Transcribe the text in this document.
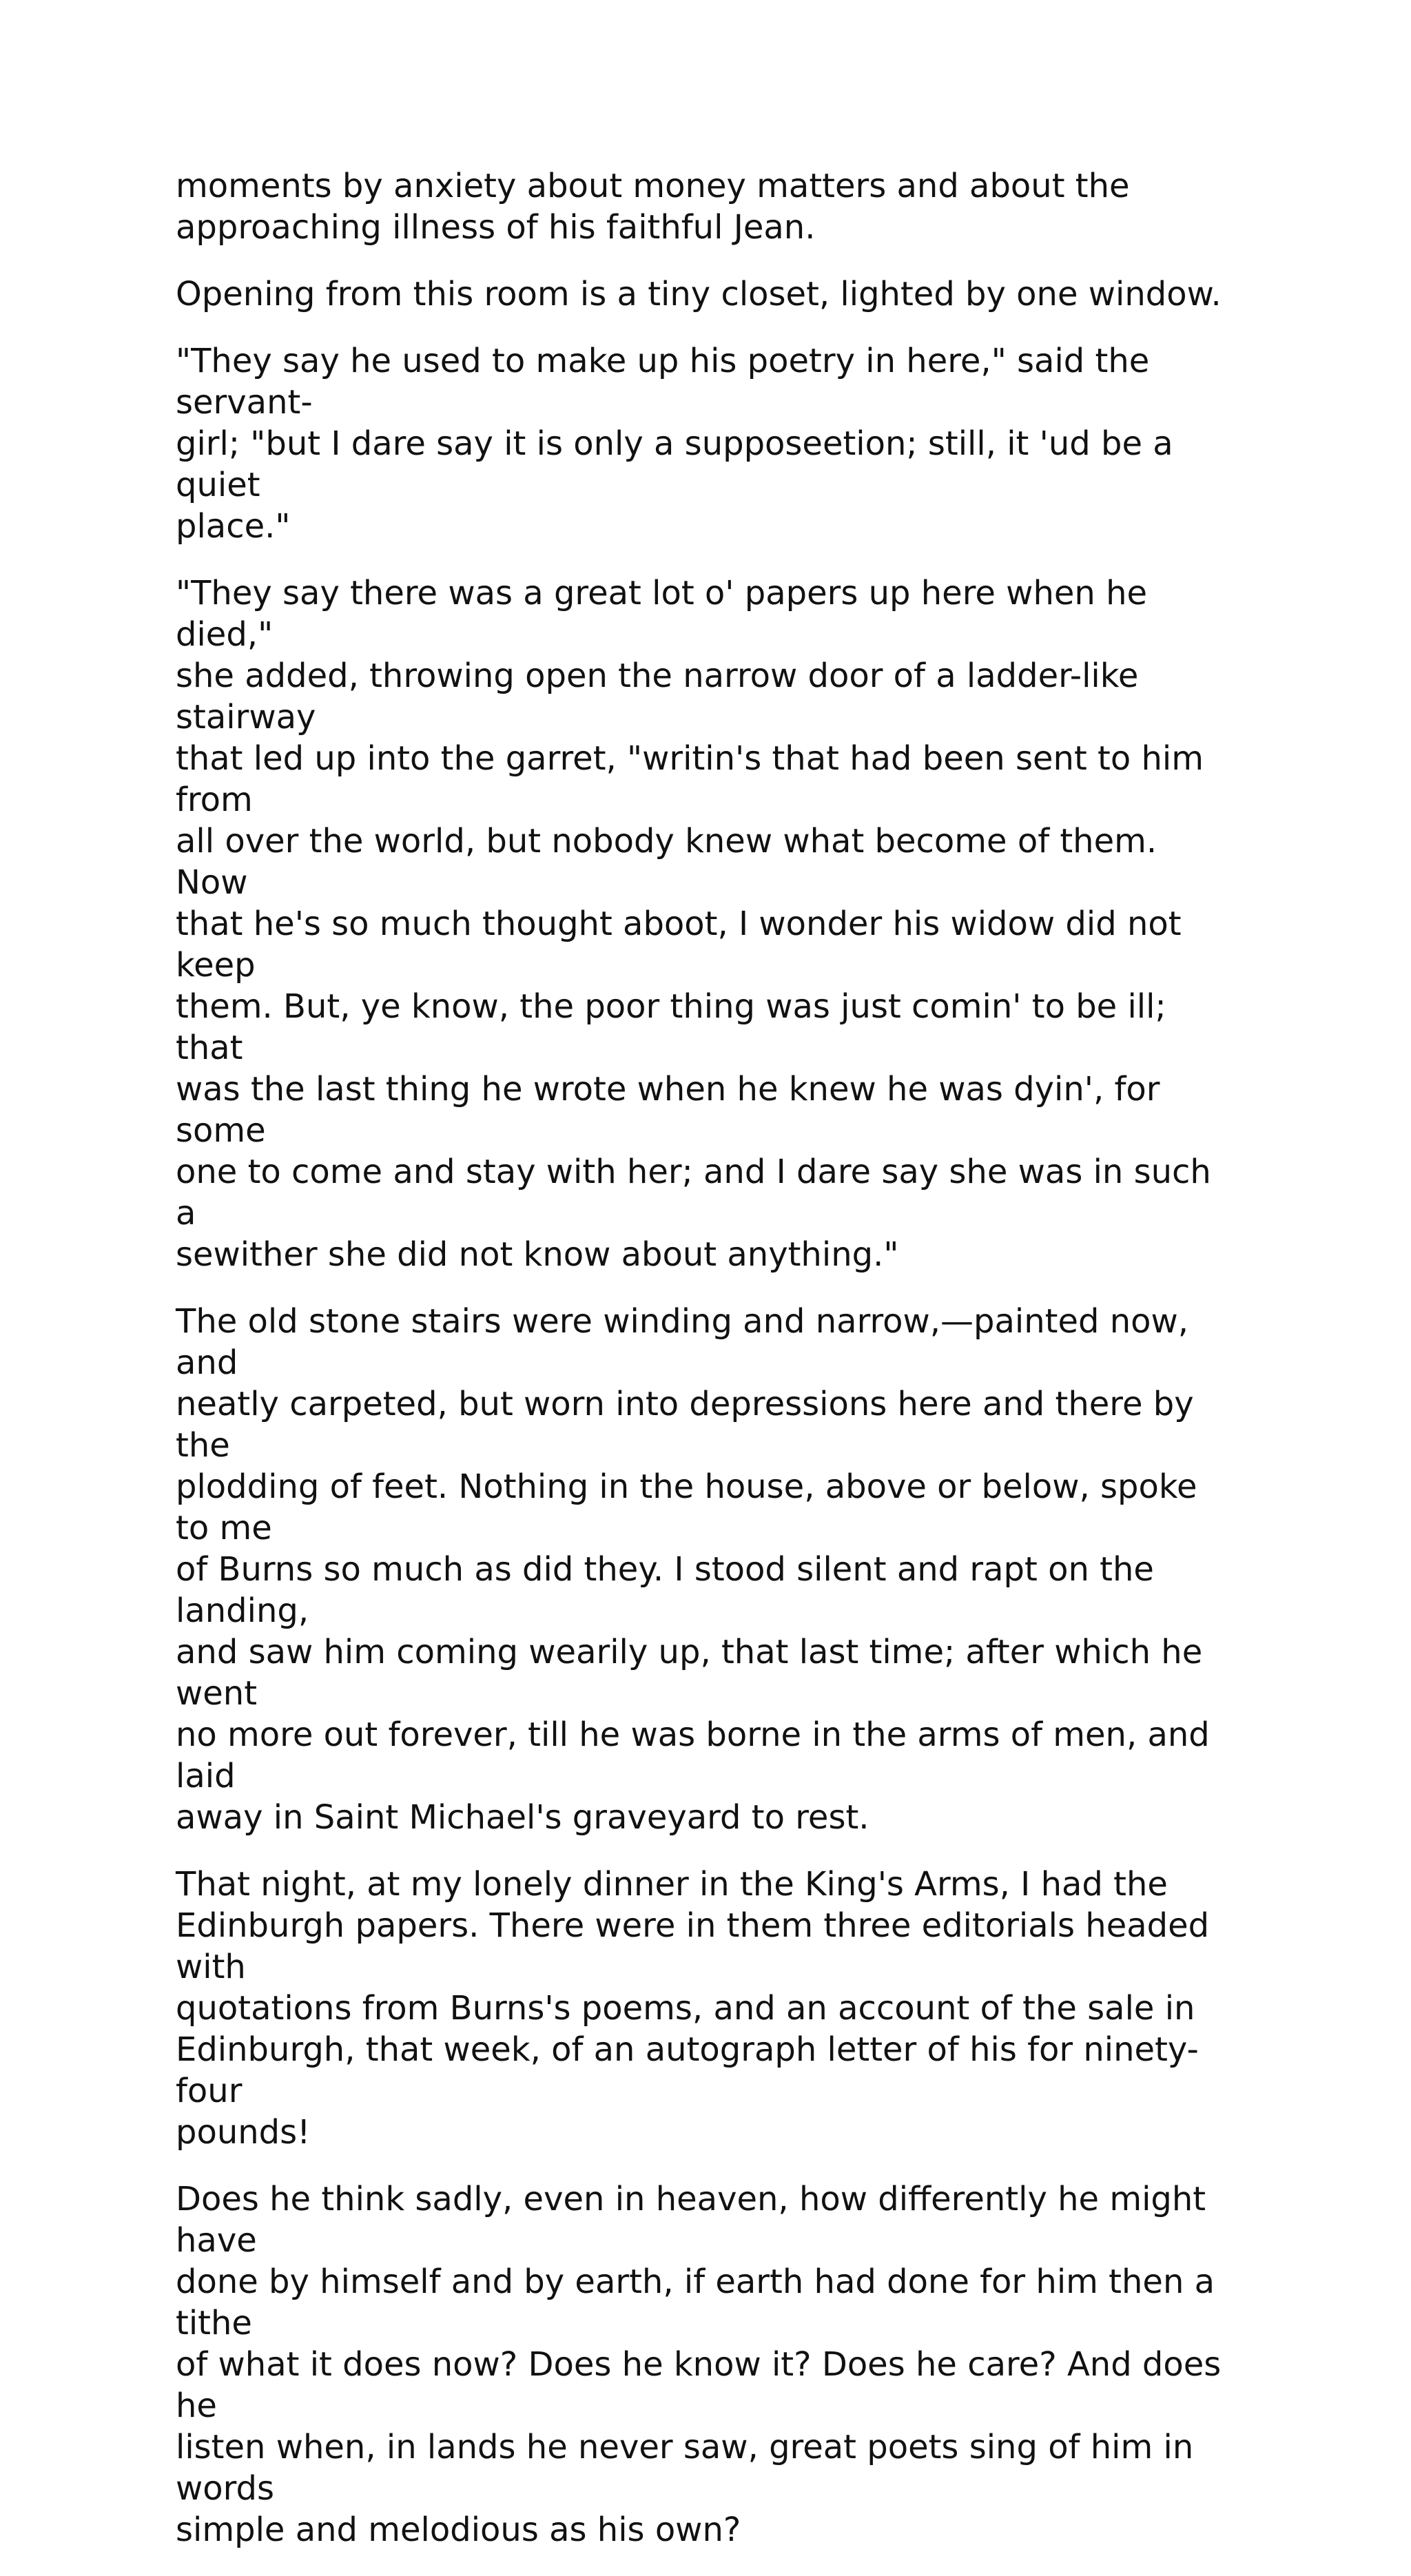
moments by anxiety about money matters and about the
approaching illness of his faithful Jean.

Opening from this room is a tiny closet, lighted by one window.

"They say he used to make up his poetry in here," said the servant-
girl; "but I dare say it is only a supposeetion; still, it 'ud be a quiet
place."

"They say there was a great lot o' papers up here when he died,"
she added, throwing open the narrow door of a ladder-like stairway
that led up into the garret, "writin's that had been sent to him from
all over the world, but nobody knew what become of them. Now
that he's so much thought aboot, I wonder his widow did not keep
them. But, ye know, the poor thing was just comin' to be ill; that
was the last thing he wrote when he knew he was dyin', for some
one to come and stay with her; and I dare say she was in such a
sewither she did not know about anything."

The old stone stairs were winding and narrow,—painted now, and
neatly carpeted, but worn into depressions here and there by the
plodding of feet. Nothing in the house, above or below, spoke to me
of Burns so much as did they. I stood silent and rapt on the landing,
and saw him coming wearily up, that last time; after which he went
no more out forever, till he was borne in the arms of men, and laid
away in Saint Michael's graveyard to rest.

That night, at my lonely dinner in the King's Arms, I had the
Edinburgh papers. There were in them three editorials headed with
quotations from Burns's poems, and an account of the sale in
Edinburgh, that week, of an autograph letter of his for ninety-four
pounds!

Does he think sadly, even in heaven, how differently he might have
done by himself and by earth, if earth had done for him then a tithe
of what it does now? Does he know it? Does he care? And does he
listen when, in lands he never saw, great poets sing of him in words
simple and melodious as his own?
